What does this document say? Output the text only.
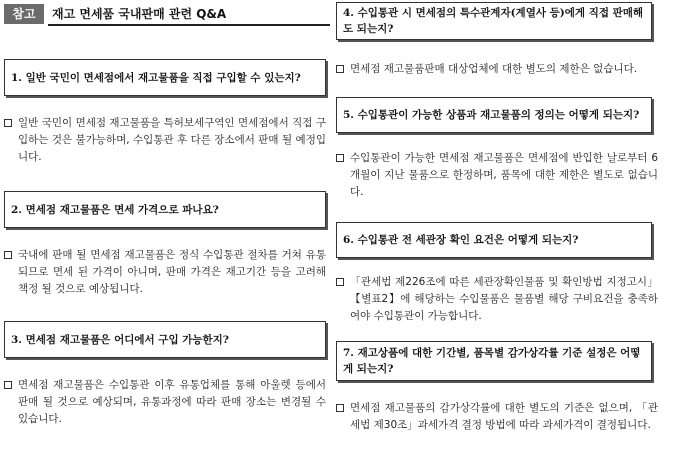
참고	재고 면세품 국내판매 관련 Q&A
1. 일반 국민이 면세점에서 재고물품을 직접 구입할 수 있는지?
일반 국민이 면세점 재고물품을 특허보세구역인 면세점에서 직접 구입하는 것은 불가능하며, 수입통관 후 다른 장소에서 판매 될 예정입니다.
2. 면세점 재고물품은 면세 가격으로 파나요?
국내에 판매 될 면세점 재고물품은 정식 수입통관 절차를 거쳐 유통되므로 면세 된 가격이 아니며, 판매 가격은 재고기간 등을 고려해 책정 될 것으로 예상됩니다.
3. 면세점 재고물품은 어디에서 구입 가능한지?
면세점 재고물품은 수입통관 이후 유통업체를 통해 아울렛 등에서 판매 될 것으로 예상되며, 유통과정에 따라 판매 장소는 변경될 수 있습니다.
4. 수입통관 시 면세점의 특수관계자(계열사 등)에게 직접 판매해도 되는지?
면세점 재고물품판매 대상업체에 대한 별도의 제한은 없습니다.
5. 수입통관이 가능한 상품과 재고물품의 정의는 어떻게 되는지?
수입통관이 가능한 면세점 재고물품은 면세점에 반입한 날로부터 6개월이 지난 물품으로 한정하며, 품목에 대한 제한은 별도로 없습니다.
6. 수입통관 전 세관장 확인 요건은 어떻게 되는지?
「관세법 제226조에 따른 세관장확인물품 및 확인방법 지정고시」 【별표2】에 해당하는 수입물품은 물품별 해당 구비요건을 충족하여야 수입통관이 가능합니다.
7. 재고상품에 대한 기간별, 품목별 감가상각률 기준 설정은 어떻게 되는지?
면세점 재고물품의 감가상각률에 대한 별도의 기준은 없으며, 「관세법 제30조」과세가격 결정 방법에 따라 과세가격이 결정됩니다.
